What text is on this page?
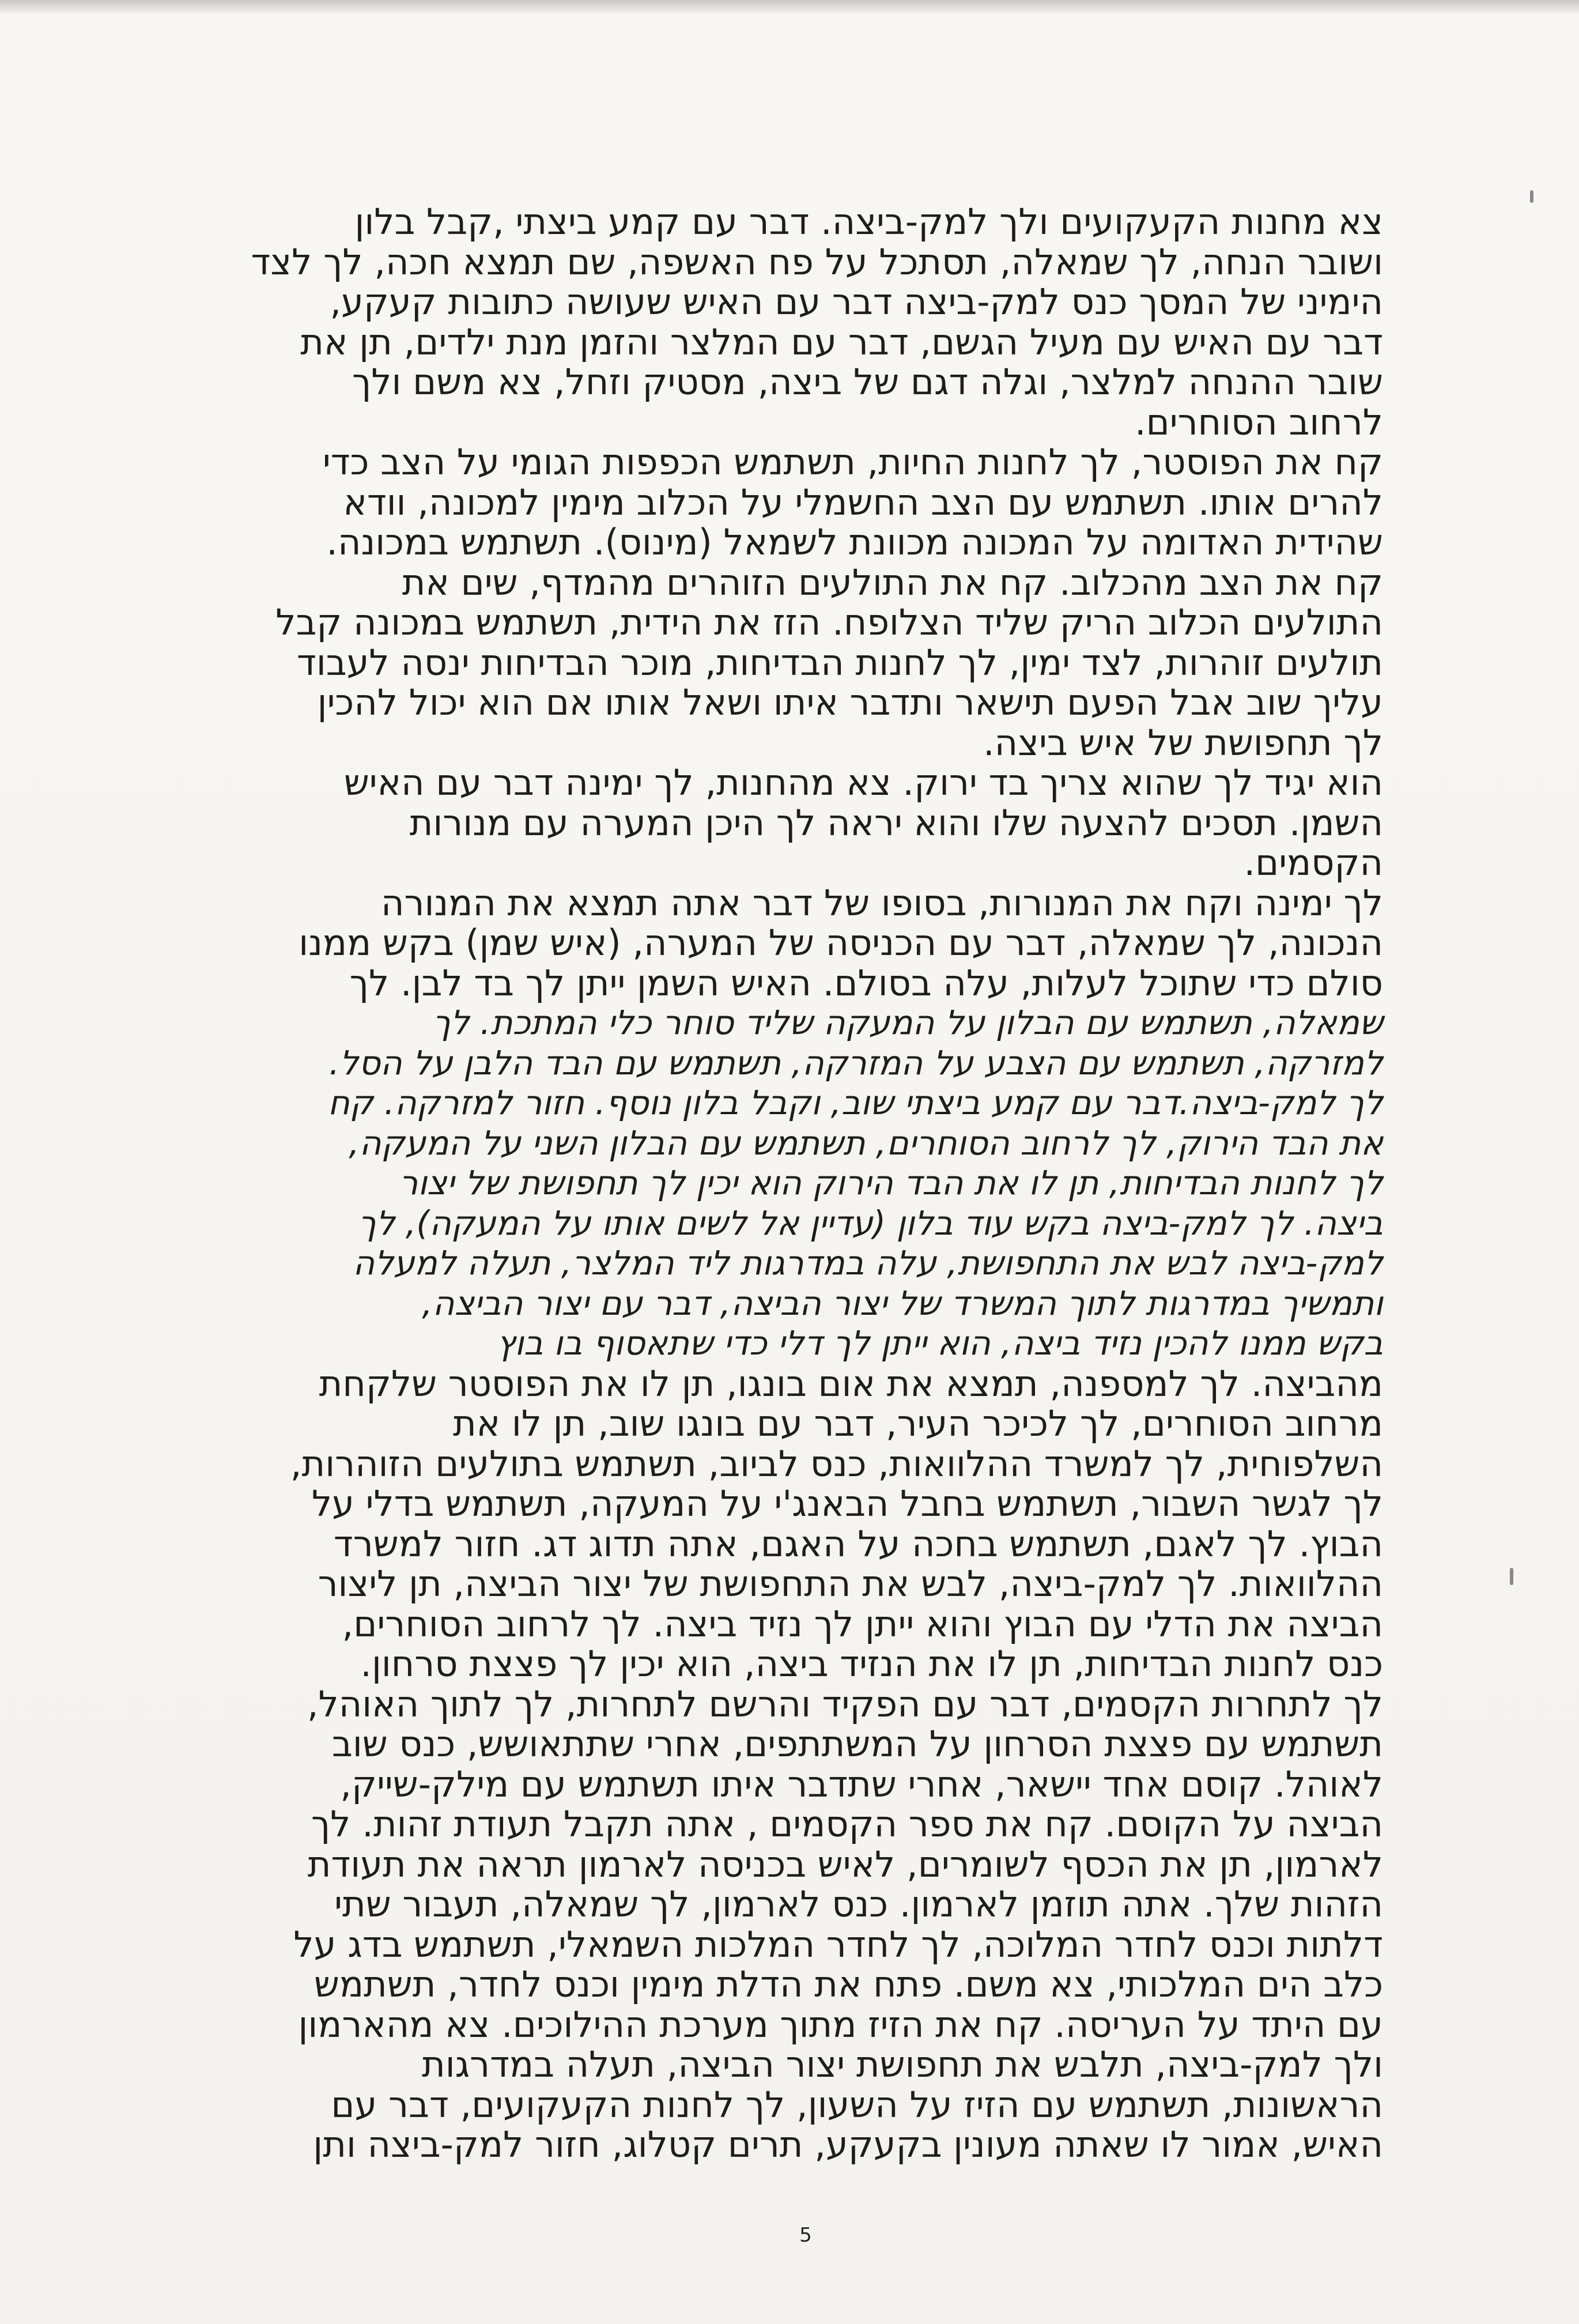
צא מחנות הקעקועים ולך למק-ביצה. דבר עם קמע ביצתי ,קבל בלון
ושובר הנחה, לך שמאלה, תסתכל על פח האשפה, שם תמצא חכה, לך לצד
הימיני של המסך כנס למק-ביצה דבר עם האיש שעושה כתובות קעקע,
דבר עם האיש עם מעיל הגשם, דבר עם המלצר והזמן מנת ילדים, תן את
שובר ההנחה למלצר, וגלה דגם של ביצה, מסטיק וזחל, צא משם ולך
לרחוב הסוחרים.
קח את הפוסטר, לך לחנות החיות, תשתמש הכפפות הגומי על הצב כדי
להרים אותו. תשתמש עם הצב החשמלי על הכלוב מימין למכונה, וודא
שהידית האדומה על המכונה מכוונת לשמאל (מינוס). תשתמש במכונה.
קח את הצב מהכלוב. קח את התולעים הזוהרים מהמדף, שים את
התולעים הכלוב הריק שליד הצלופח. הזז את הידית, תשתמש במכונה קבל
תולעים זוהרות, לצד ימין, לך לחנות הבדיחות, מוכר הבדיחות ינסה לעבוד
עליך שוב אבל הפעם תישאר ותדבר איתו ושאל אותו אם הוא יכול להכין
לך תחפושת של איש ביצה.
הוא יגיד לך שהוא צריך בד ירוק. צא מהחנות, לך ימינה דבר עם האיש
השמן. תסכים להצעה שלו והוא יראה לך היכן המערה עם מנורות
הקסמים.
לך ימינה וקח את המנורות, בסופו של דבר אתה תמצא את המנורה
הנכונה, לך שמאלה, דבר עם הכניסה של המערה, (איש שמן) בקש ממנו
סולם כדי שתוכל לעלות, עלה בסולם. האיש השמן ייתן לך בד לבן. לך
שמאלה, תשתמש עם הבלון על המעקה שליד סוחר כלי המתכת. לך
למזרקה, תשתמש עם הצבע על המזרקה, תשתמש עם הבד הלבן על הסל.
לך למק-ביצה.דבר עם קמע ביצתי שוב, וקבל בלון נוסף. חזור למזרקה. קח
את הבד הירוק, לך לרחוב הסוחרים, תשתמש עם הבלון השני על המעקה,
לך לחנות הבדיחות, תן לו את הבד הירוק הוא יכין לך תחפושת של יצור
ביצה. לך למק-ביצה בקש עוד בלון (עדיין אל לשים אותו על המעקה), לך
למק-ביצה לבש את התחפושת, עלה במדרגות ליד המלצר, תעלה למעלה
ותמשיך במדרגות לתוך המשרד של יצור הביצה, דבר עם יצור הביצה,
בקש ממנו להכין נזיד ביצה, הוא ייתן לך דלי כדי שתאסוף בו בוץ
מהביצה. לך למספנה, תמצא את אום בונגו, תן לו את הפוסטר שלקחת
מרחוב הסוחרים, לך לכיכר העיר, דבר עם בונגו שוב, תן לו את
השלפוחית, לך למשרד ההלוואות, כנס לביוב, תשתמש בתולעים הזוהרות,
לך לגשר השבור, תשתמש בחבל הבאנג'י על המעקה, תשתמש בדלי על
הבוץ. לך לאגם, תשתמש בחכה על האגם, אתה תדוג דג. חזור למשרד
ההלוואות. לך למק-ביצה, לבש את התחפושת של יצור הביצה, תן ליצור
הביצה את הדלי עם הבוץ והוא ייתן לך נזיד ביצה. לך לרחוב הסוחרים,
כנס לחנות הבדיחות, תן לו את הנזיד ביצה, הוא יכין לך פצצת סרחון.
לך לתחרות הקסמים, דבר עם הפקיד והרשם לתחרות, לך לתוך האוהל,
תשתמש עם פצצת הסרחון על המשתתפים, אחרי שתתאושש, כנס שוב
לאוהל. קוסם אחד יישאר, אחרי שתדבר איתו תשתמש עם מילק-שייק,
הביצה על הקוסם. קח את ספר הקסמים , אתה תקבל תעודת זהות. לך
לארמון, תן את הכסף לשומרים, לאיש בכניסה לארמון תראה את תעודת
הזהות שלך. אתה תוזמן לארמון. כנס לארמון, לך שמאלה, תעבור שתי
דלתות וכנס לחדר המלוכה, לך לחדר המלכות השמאלי, תשתמש בדג על
כלב הים המלכותי, צא משם. פתח את הדלת מימין וכנס לחדר, תשתמש
עם היתד על העריסה. קח את הזיז מתוך מערכת ההילוכים. צא מהארמון
ולך למק-ביצה, תלבש את תחפושת יצור הביצה, תעלה במדרגות
הראשונות, תשתמש עם הזיז על השעון, לך לחנות הקעקועים, דבר עם
האיש, אמור לו שאתה מעונין בקעקע, תרים קטלוג, חזור למק-ביצה ותן
5
